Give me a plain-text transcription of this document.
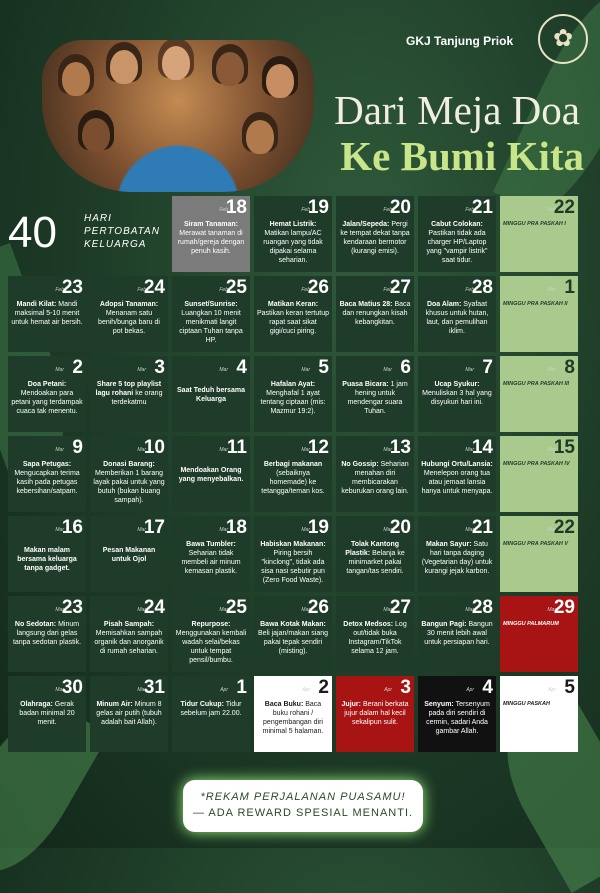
GKJ Tanjung Priok	✿
Dari Meja Doa
Ke Bumi Kita
40	HARI
PERTOBATAN
KELUARGA
Feb
18
Siram Tanaman: Merawat tanaman di rumah/gereja dengan penuh kasih.
Feb
19
Hemat Listrik: Matikan lampu/AC ruangan yang tidak dipakai selama seharian.
Feb
20
Jalan/Sepeda: Pergi ke tempat dekat tanpa kendaraan bermotor (kurangi emisi).
Feb
21
Cabut Colokan: Pastikan tidak ada charger HP/Laptop yang "vampir listrik" saat tidur.
Feb
22
MINGGU PRA PASKAH I
Feb
23
Mandi Kilat: Mandi maksimal 5-10 menit untuk hemat air bersih.
Feb
24
Adopsi Tanaman: Menanam satu benih/bunga baru di pot bekas.
Feb
25
Sunset/Sunrise: Luangkan 10 menit menikmati langit ciptaan Tuhan tanpa HP.
Feb
26
Matikan Keran: Pastikan keran tertutup rapat saat sikat gigi/cuci piring.
Feb
27
Baca Matius 28: Baca dan renungkan kisah kebangkitan.
Feb
28
Doa Alam: Syafaat khusus untuk hutan, laut, dan pemulihan iklim.
Mar 1
MINGGU PRA PASKAH II
Mar 2
Doa Petani: Mendoakan para petani yang terdampak cuaca tak menentu.
Mar 3
Share 5 top playlist lagu rohani ke orang terdekatmu
Mar 4
Saat Teduh bersama Keluarga
Mar 5
Hafalan Ayat: Menghafal 1 ayat tentang ciptaan (mis: Mazmur 19:2).
Mar 6
Puasa Bicara: 1 jam hening untuk mendengar suara Tuhan.
Mar 7
Ucap Syukur: Menuliskan 3 hal yang disyukuri hari ini.
Mar 8
MINGGU PRA PASKAH III
Mar 9
Sapa Petugas: Mengucapkan terima kasih pada petugas kebersihan/satpam.
Mar
10
Donasi Barang: Memberikan 1 barang layak pakai untuk yang butuh (bukan buang sampah).
Mar
11
Mendoakan Orang yang menyebalkan.
Mar
12
Berbagi makanan (sebaiknya homemade) ke tetangga/teman kos.
Mar
13
No Gossip: Seharian menahan diri membicarakan keburukan orang lain.
Mar
14
Hubungi Ortu/Lansia: Menelepon orang tua atau jemaat lansia hanya untuk menyapa.
Mar
15
MINGGU PRA PASKAH IV
Mar
16
Makan malam bersama keluarga tanpa gadget.
Mar
17
Pesan Makanan untuk Ojol
Mar
18
Bawa Tumbler: Seharian tidak membeli air minum kemasan plastik.
Mar
19
Habiskan Makanan: Piring bersih "kinclong", tidak ada sisa nasi sebutir pun (Zero Food Waste).
Mar
20
Tolak Kantong Plastik: Belanja ke minimarket pakai tangan/tas sendiri.
Mar
21
Makan Sayur: Satu hari tanpa daging (Vegetarian day) untuk kurangi jejak karbon.
Mar
22
MINGGU PRA PASKAH V
Mar
23
No Sedotan: Minum langsung dari gelas tanpa sedotan plastik.
Mar
24
Pisah Sampah: Memisahkan sampah organik dan anorganik di rumah seharian.
Mar
25
Repurpose: Menggunakan kembali wadah selai/bekas untuk tempat pensil/bumbu.
Mar
26
Bawa Kotak Makan: Beli jajan/makan siang pakai tepak sendiri (misting).
Mar
27
Detox Medsos: Log out/tidak buka Instagram/TikTok selama 12 jam.
Mar
28
Bangun Pagi: Bangun 30 menit lebih awal untuk persiapan hari.
Mar
29
MINGGU PALMARUM
Mar
30
Olahraga: Gerak badan minimal 20 menit.
Mar
31
Minum Air: Minum 8 gelas air putih (tubuh adalah bait Allah).
Apr 1
Tidur Cukup: Tidur sebelum jam 22.00.
Apr 2
Baca Buku: Baca buku rohani / pengembangan diri minimal 5 halaman.
Apr 3
Jujur: Berani berkata jujur dalam hal kecil sekalipun sulit.
Apr 4
Senyum: Tersenyum pada diri sendiri di cermin, sadari Anda gambar Allah.
Apr 5
MINGGU PASKAH
*REKAM PERJALANAN PUASAMU!
— ADA REWARD SPESIAL MENANTI.
